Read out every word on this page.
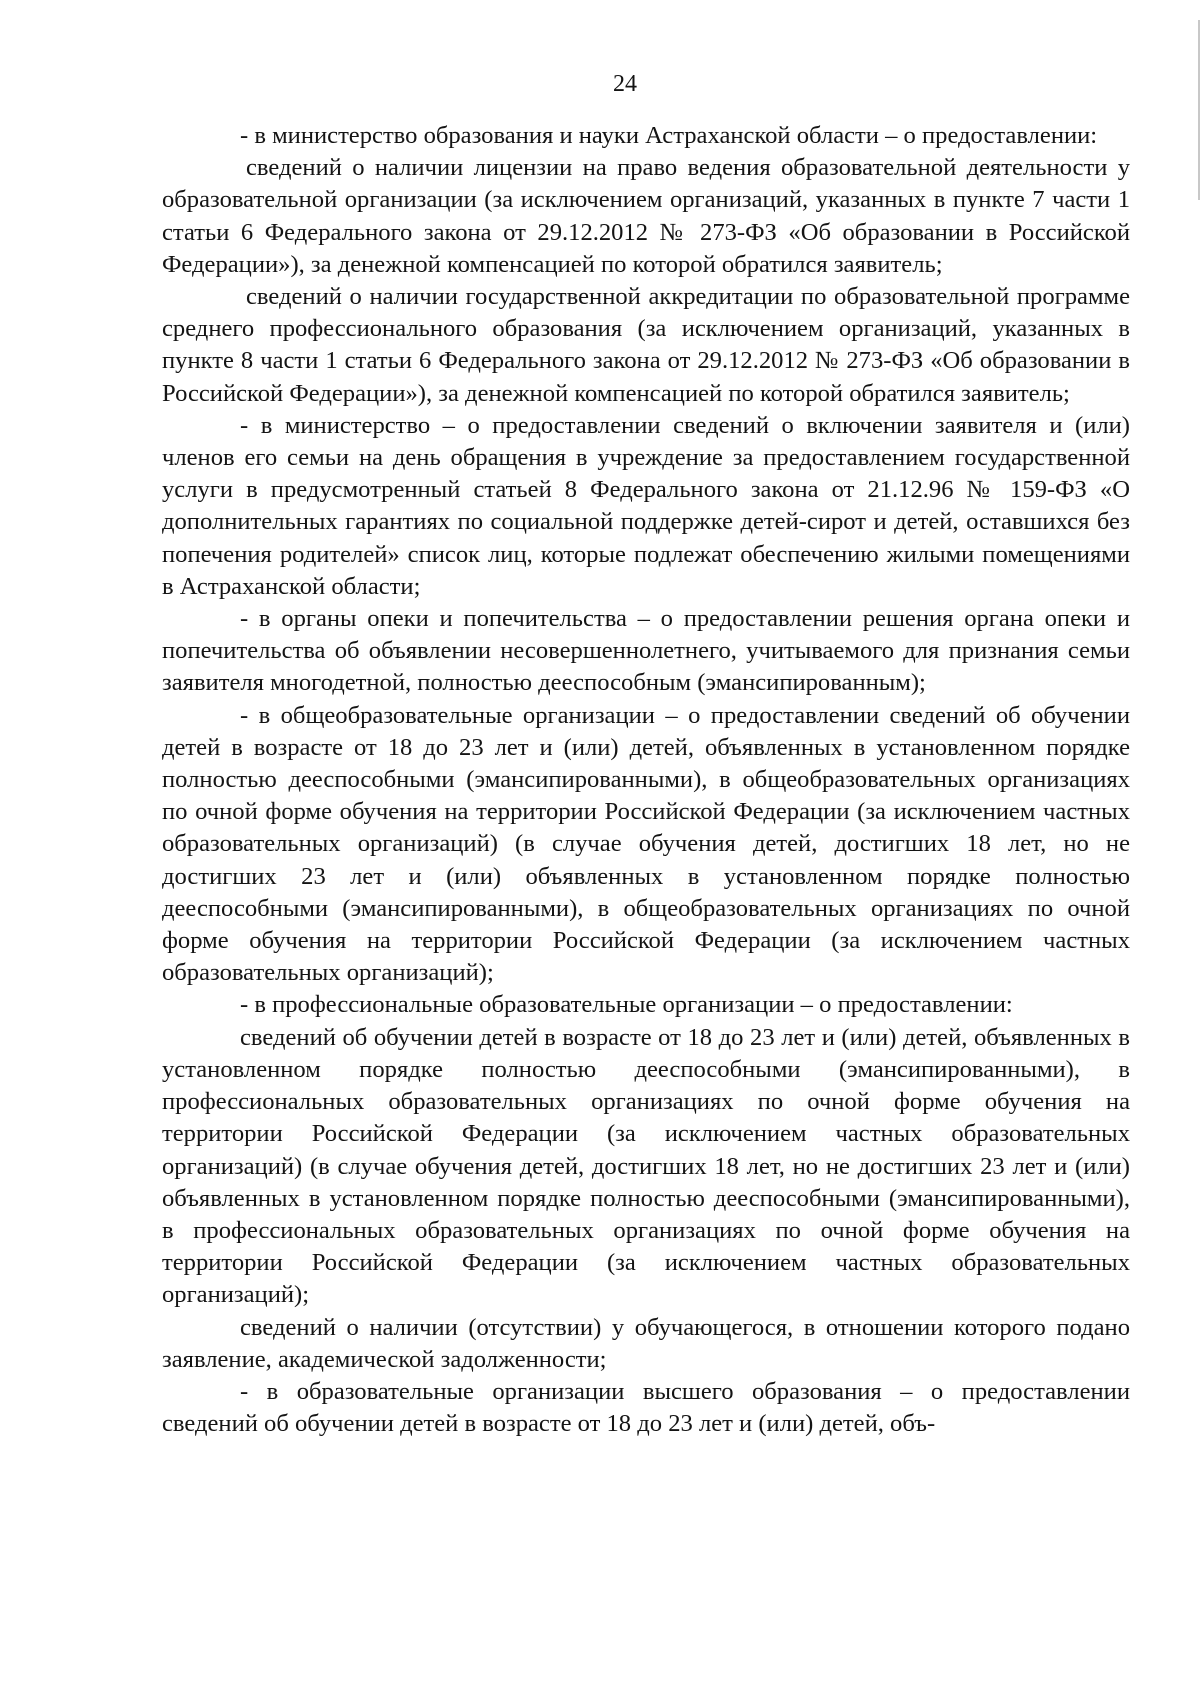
24

- в министерство образования и науки Астраханской области – о предоставлении:

сведений о наличии лицензии на право ведения образовательной деятельности у образовательной организации (за исключением организаций, указанных в пункте 7 части 1 статьи 6 Федерального закона от 29.12.2012 № 273-ФЗ «Об образовании в Российской Федерации»), за денежной компенсацией по которой обратился заявитель;

сведений о наличии государственной аккредитации по образовательной программе среднего профессионального образования (за исключением организаций, указанных в пункте 8 части 1 статьи 6 Федерального закона от 29.12.2012 № 273-ФЗ «Об образовании в Российской Федерации»), за денежной компенсацией по которой обратился заявитель;

- в министерство – о предоставлении сведений о включении заявителя и (или) членов его семьи на день обращения в учреждение за предоставлением государственной услуги в предусмотренный статьей 8 Федерального закона от 21.12.96 № 159-ФЗ «О дополнительных гарантиях по социальной поддержке детей-сирот и детей, оставшихся без попечения родителей» список лиц, которые подлежат обеспечению жилыми помещениями в Астраханской области;

- в органы опеки и попечительства – о предоставлении решения органа опеки и попечительства об объявлении несовершеннолетнего, учитываемого для признания семьи заявителя многодетной, полностью дееспособным (эмансипированным);

- в общеобразовательные организации – о предоставлении сведений об обучении детей в возрасте от 18 до 23 лет и (или) детей, объявленных в установленном порядке полностью дееспособными (эмансипированными), в общеобразовательных организациях по очной форме обучения на территории Российской Федерации (за исключением частных образовательных организаций) (в случае обучения детей, достигших 18 лет, но не достигших 23 лет и (или) объявленных в установленном порядке полностью дееспособными (эмансипированными), в общеобразовательных организациях по очной форме обучения на территории Российской Федерации (за исключением частных образовательных организаций);

- в профессиональные образовательные организации – о предоставлении:

сведений об обучении детей в возрасте от 18 до 23 лет и (или) детей, объявленных в установленном порядке полностью дееспособными (эмансипированными), в профессиональных образовательных организациях по очной форме обучения на территории Российской Федерации (за исключением частных образовательных организаций) (в случае обучения детей, достигших 18 лет, но не достигших 23 лет и (или) объявленных в установленном порядке полностью дееспособными (эмансипированными), в профессиональных образовательных организациях по очной форме обучения на территории Российской Федерации (за исключением частных образовательных организаций);

сведений о наличии (отсутствии) у обучающегося, в отношении которого подано заявление, академической задолженности;

- в образовательные организации высшего образования – о предоставлении сведений об обучении детей в возрасте от 18 до 23 лет и (или) детей, объ-
